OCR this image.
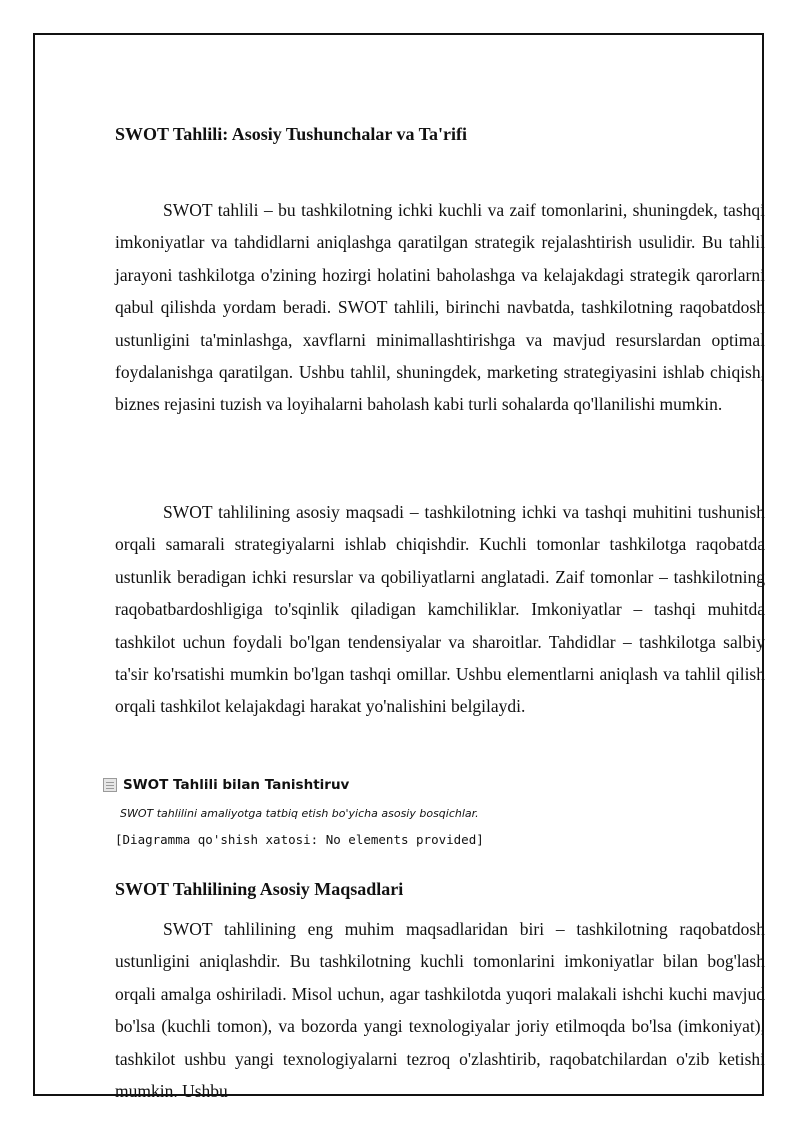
SWOT Tahlili: Asosiy Tushunchalar va Ta'rifi

SWOT tahlili – bu tashkilotning ichki kuchli va zaif tomonlarini, shuningdek, tashqi imkoniyatlar va tahdidlarni aniqlashga qaratilgan strategik rejalashtirish usulidir. Bu tahlil jarayoni tashkilotga o'zining hozirgi holatini baholashga va kelajakdagi strategik qarorlarni qabul qilishda yordam beradi. SWOT tahlili, birinchi navbatda, tashkilotning raqobatdosh ustunligini ta'minlashga, xavflarni minimallashtirishga va mavjud resurslardan optimal foydalanishga qaratilgan. Ushbu tahlil, shuningdek, marketing strategiyasini ishlab chiqish, biznes rejasini tuzish va loyihalarni baholash kabi turli sohalarda qo'llanilishi mumkin.

SWOT tahlilining asosiy maqsadi – tashkilotning ichki va tashqi muhitini tushunish orqali samarali strategiyalarni ishlab chiqishdir. Kuchli tomonlar tashkilotga raqobatda ustunlik beradigan ichki resurslar va qobiliyatlarni anglatadi. Zaif tomonlar – tashkilotning raqobatbardoshligiga to'sqinlik qiladigan kamchiliklar. Imkoniyatlar – tashqi muhitda tashkilot uchun foydali bo'lgan tendensiyalar va sharoitlar. Tahdidlar – tashkilotga salbiy ta'sir ko'rsatishi mumkin bo'lgan tashqi omillar. Ushbu elementlarni aniqlash va tahlil qilish orqali tashkilot kelajakdagi harakat yo'nalishini belgilaydi.

SWOT Tahlili bilan Tanishtiruv
SWOT tahlilini amaliyotga tatbiq etish bo'yicha asosiy bosqichlar.
[Diagramma qo'shish xatosi: No elements provided]
SWOT Tahlilining Asosiy Maqsadlari

SWOT tahlilining eng muhim maqsadlaridan biri – tashkilotning raqobatdosh ustunligini aniqlashdir. Bu tashkilotning kuchli tomonlarini imkoniyatlar bilan bog'lash orqali amalga oshiriladi. Misol uchun, agar tashkilotda yuqori malakali ishchi kuchi mavjud bo'lsa (kuchli tomon), va bozorda yangi texnologiyalar joriy etilmoqda bo'lsa (imkoniyat), tashkilot ushbu yangi texnologiyalarni tezroq o'zlashtirib, raqobatchilardan o'zib ketishi mumkin. Ushbu
